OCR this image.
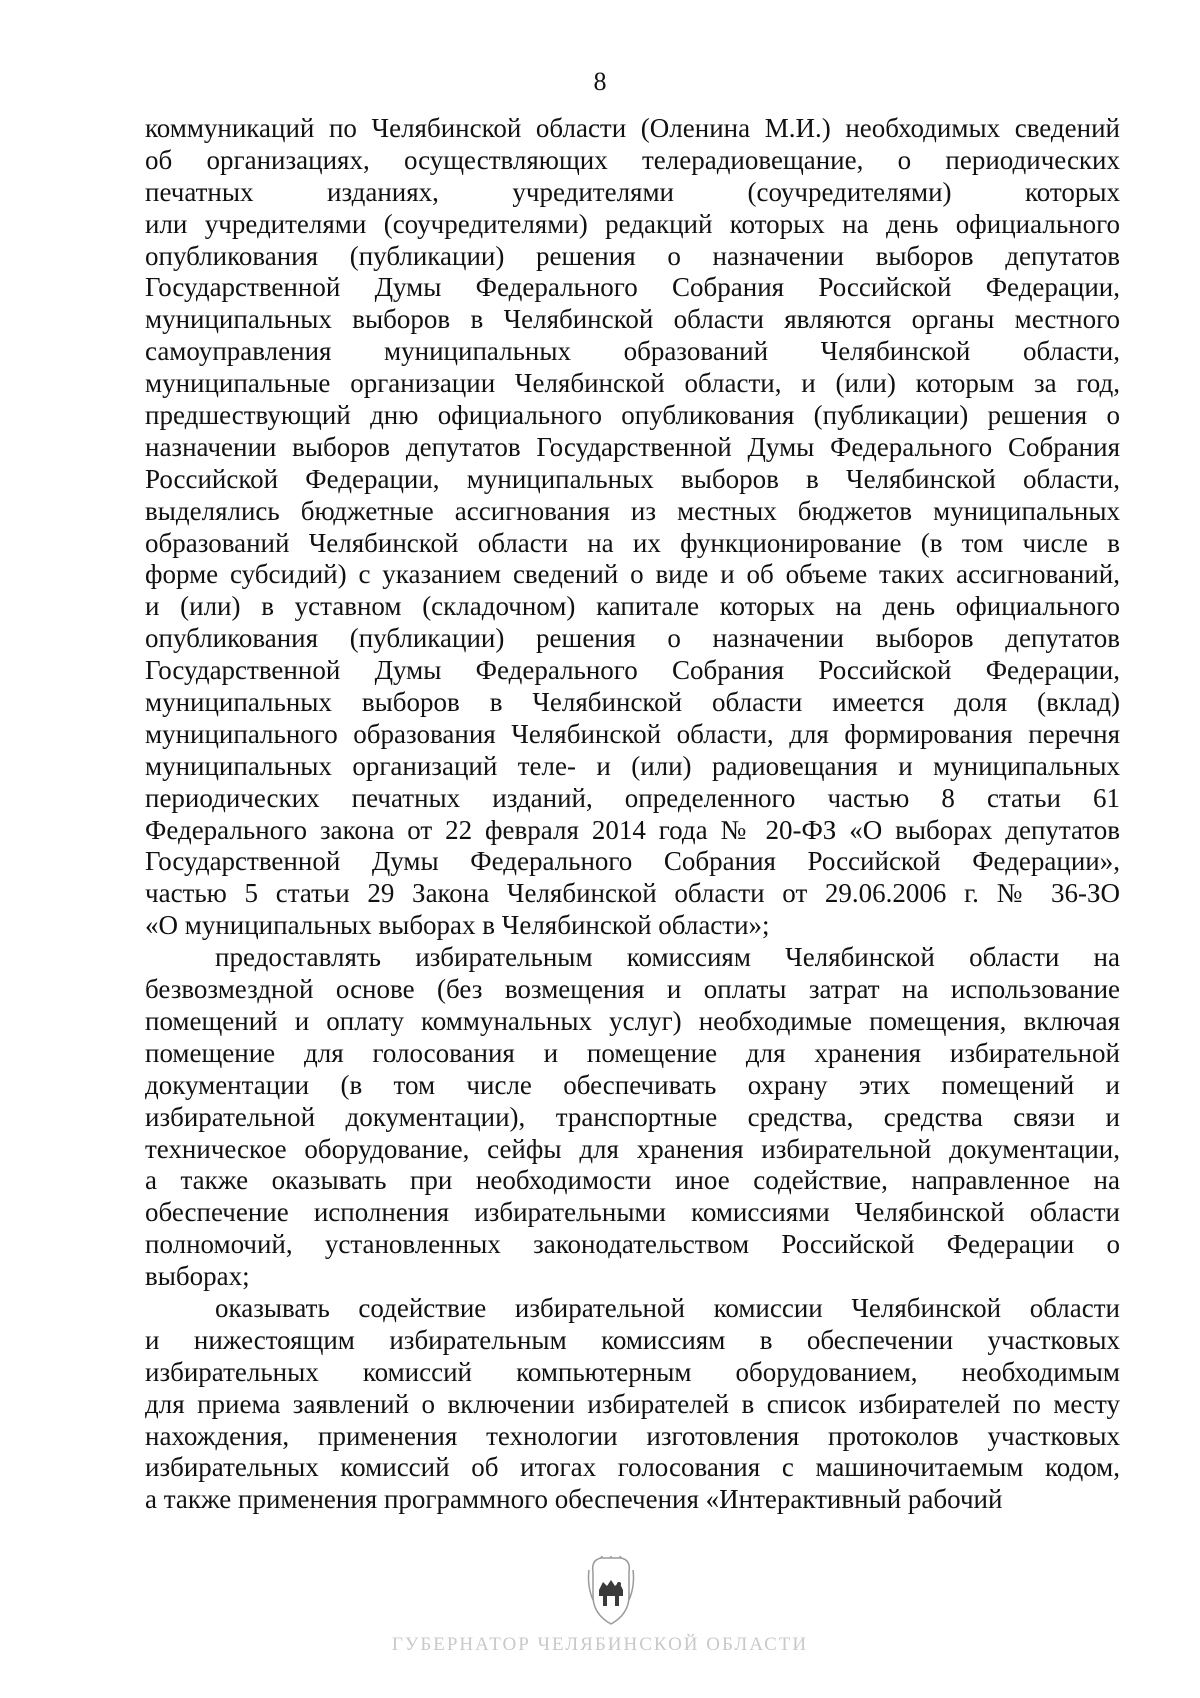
8
коммуникаций по Челябинской области (Оленина М.И.) необходимых сведений
об организациях, осуществляющих телерадиовещание, о периодических
печатных изданиях, учредителями (соучредителями) которых
или учредителями (соучредителями) редакций которых на день официального
опубликования (публикации) решения о назначении выборов депутатов
Государственной Думы Федерального Собрания Российской Федерации,
муниципальных выборов в Челябинской области являются органы местного
самоуправления муниципальных образований Челябинской области,
муниципальные организации Челябинской области, и (или) которым за год,
предшествующий дню официального опубликования (публикации) решения о
назначении выборов депутатов Государственной Думы Федерального Собрания
Российской Федерации, муниципальных выборов в Челябинской области,
выделялись бюджетные ассигнования из местных бюджетов муниципальных
образований Челябинской области на их функционирование (в том числе в
форме субсидий) с указанием сведений о виде и об объеме таких ассигнований,
и (или) в уставном (складочном) капитале которых на день официального
опубликования (публикации) решения о назначении выборов депутатов
Государственной Думы Федерального Собрания Российской Федерации,
муниципальных выборов в Челябинской области имеется доля (вклад)
муниципального образования Челябинской области, для формирования перечня
муниципальных организаций теле- и (или) радиовещания и муниципальных
периодических печатных изданий, определенного частью 8 статьи 61
Федерального закона от 22 февраля 2014 года № 20-ФЗ «О выборах депутатов
Государственной Думы Федерального Собрания Российской Федерации»,
частью 5 статьи 29 Закона Челябинской области от 29.06.2006 г. № 36-ЗО
«О муниципальных выборах в Челябинской области»;
предоставлять избирательным комиссиям Челябинской области на
безвозмездной основе (без возмещения и оплаты затрат на использование
помещений и оплату коммунальных услуг) необходимые помещения, включая
помещение для голосования и помещение для хранения избирательной
документации (в том числе обеспечивать охрану этих помещений и
избирательной документации), транспортные средства, средства связи и
техническое оборудование, сейфы для хранения избирательной документации,
а также оказывать при необходимости иное содействие, направленное на
обеспечение исполнения избирательными комиссиями Челябинской области
полномочий, установленных законодательством Российской Федерации о
выборах;
оказывать содействие избирательной комиссии Челябинской области
и нижестоящим избирательным комиссиям в обеспечении участковых
избирательных комиссий компьютерным оборудованием, необходимым
для приема заявлений о включении избирателей в список избирателей по месту
нахождения, применения технологии изготовления протоколов участковых
избирательных комиссий об итогах голосования с машиночитаемым кодом,
а также применения программного обеспечения «Интерактивный рабочий
ГУБЕРНАТОР ЧЕЛЯБИНСКОЙ ОБЛАСТИ
